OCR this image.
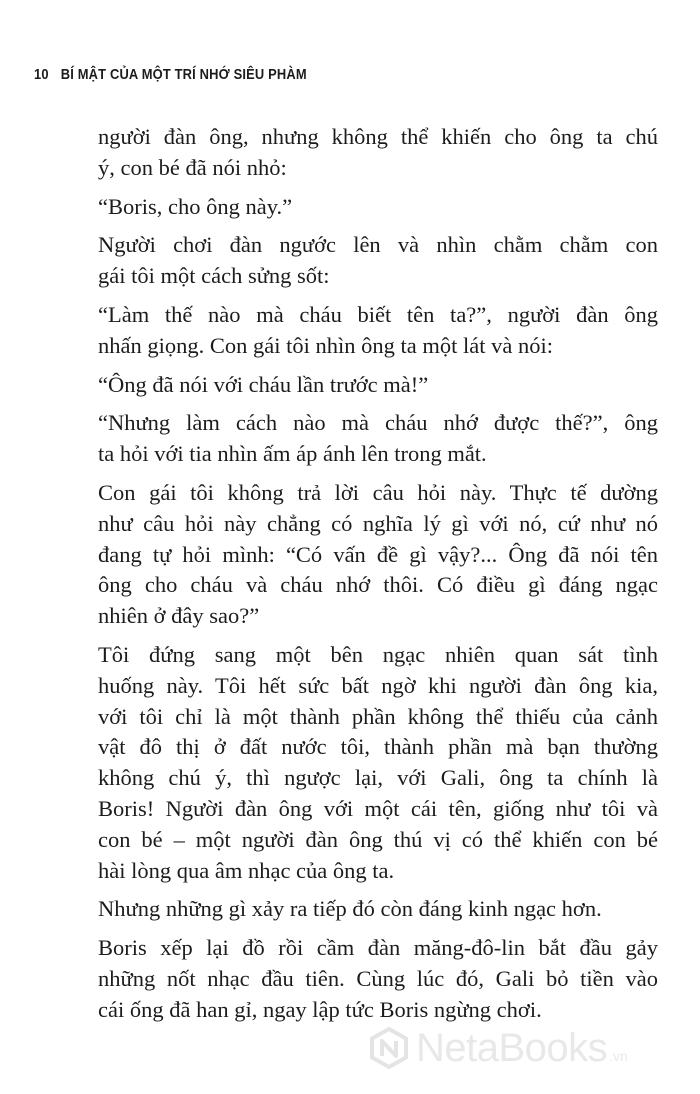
10 BÍ MẬT CỦA MỘT TRÍ NHỚ SIÊU PHÀM

người đàn ông, nhưng không thể khiến cho ông ta chú
ý, con bé đã nói nhỏ:

“Boris, cho ông này.”

Người chơi đàn ngước lên và nhìn chằm chằm con
gái tôi một cách sửng sốt:

“Làm thế nào mà cháu biết tên ta?”, người đàn ông
nhấn giọng. Con gái tôi nhìn ông ta một lát và nói:

“Ông đã nói với cháu lần trước mà!”

“Nhưng làm cách nào mà cháu nhớ được thế?”, ông
ta hỏi với tia nhìn ấm áp ánh lên trong mắt.

Con gái tôi không trả lời câu hỏi này. Thực tế dường
như câu hỏi này chẳng có nghĩa lý gì với nó, cứ như nó
đang tự hỏi mình: “Có vấn đề gì vậy?... Ông đã nói tên
ông cho cháu và cháu nhớ thôi. Có điều gì đáng ngạc
nhiên ở đây sao?”

Tôi đứng sang một bên ngạc nhiên quan sát tình
huống này. Tôi hết sức bất ngờ khi người đàn ông kia,
với tôi chỉ là một thành phần không thể thiếu của cảnh
vật đô thị ở đất nước tôi, thành phần mà bạn thường
không chú ý, thì ngược lại, với Gali, ông ta chính là
Boris! Người đàn ông với một cái tên, giống như tôi và
con bé – một người đàn ông thú vị có thể khiến con bé
hài lòng qua âm nhạc của ông ta.

Nhưng những gì xảy ra tiếp đó còn đáng kinh ngạc hơn.

Boris xếp lại đồ rồi cầm đàn măng-đô-lin bắt đầu gảy
những nốt nhạc đầu tiên. Cùng lúc đó, Gali bỏ tiền vào
cái ống đã han gỉ, ngay lập tức Boris ngừng chơi.

NetaBooks .vn
